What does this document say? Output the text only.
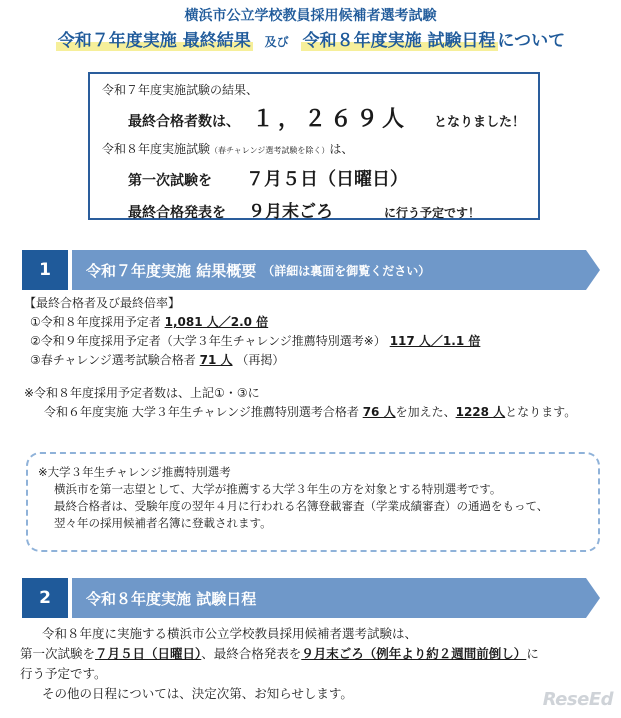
横浜市公立学校教員採用候補者選考試験
令和７年度実施 最終結果 及び 令和８年度実施 試験日程 について
令和７年度実施試験の結果、
最終合格者数は、 １，２６９人 となりました！
令和８年度実施試験 （春チャレンジ選考試験を除く） は、
第一次試験を ７月５日（日曜日）
最終合格発表を ９月末ごろ	に行う予定です！
1	令和７年度実施 結果概要 （詳細は裏面を御覧ください）
【最終合格者及び最終倍率】
①令和８年度採用予定者 1,081 人／2.0 倍
②令和９年度採用予定者（大学３年生チャレンジ推薦特別選考※） 117 人／1.1 倍
③春チャレンジ選考試験合格者 71 人 （再掲）
※令和８年度採用予定者数は、上記①・③に
令和６年度実施 大学３年生チャレンジ推薦特別選考合格者 76 人を加えた、1228 人となります。
※大学３年生チャレンジ推薦特別選考
横浜市を第一志望として、大学が推薦する大学３年生の方を対象とする特別選考です。
最終合格者は、受験年度の翌年４月に行われる名簿登載審査（学業成績審査）の通過をもって、
翌々年の採用候補者名簿に登載されます。
2	令和８年度実施 試験日程
令和８年度に実施する横浜市公立学校教員採用候補者選考試験は、
第一次試験を７月５日（日曜日）、最終合格発表を９月末ごろ（例年より約２週間前倒し）に
行う予定です。
その他の日程については、決定次第、お知らせします。	ReseEd
